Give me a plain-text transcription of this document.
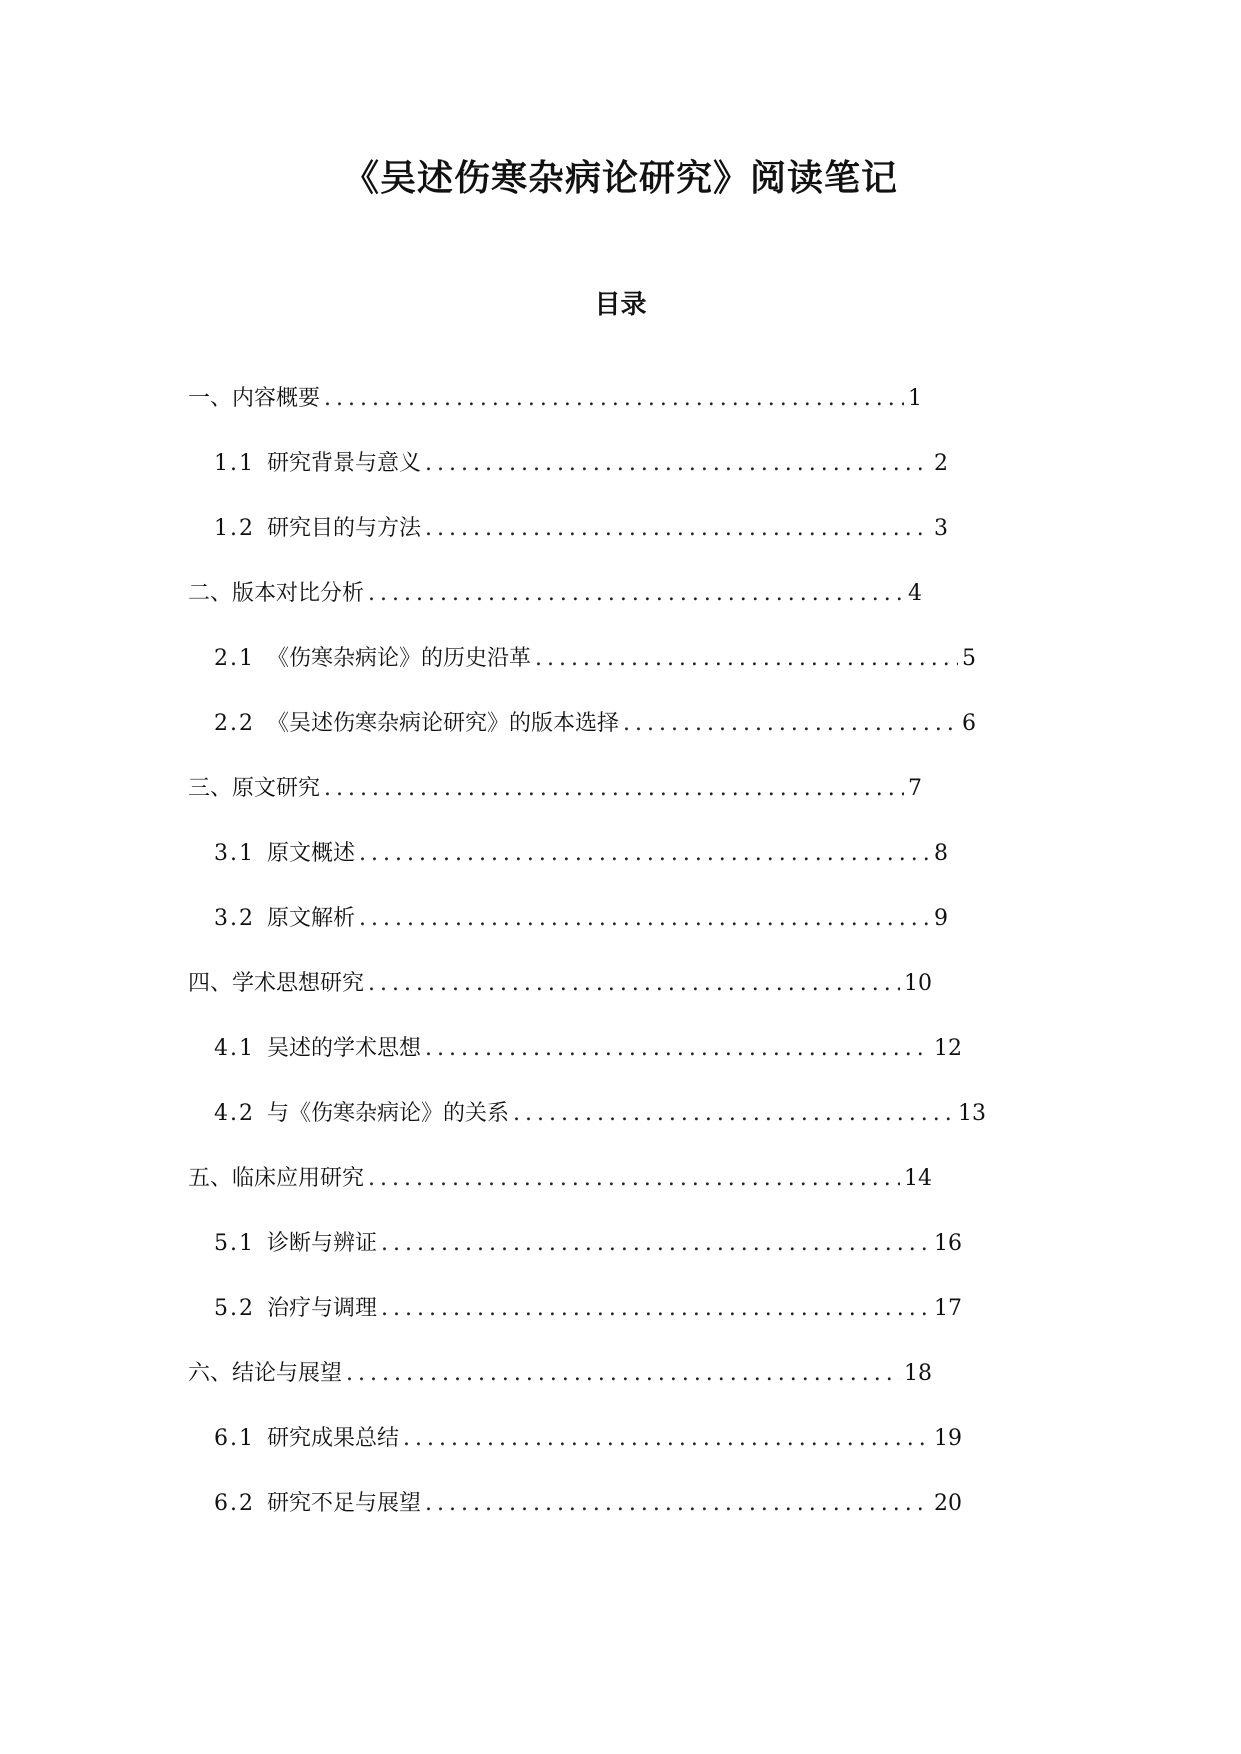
《吴述伤寒杂病论研究》阅读笔记
目录
一、内容概要 .....	1
1.1 研究背景与意义 .....	2
1.2 研究目的与方法 .....	3
二、版本对比分析 .....	4
2.1 《伤寒杂病论》的历史沿革 .....	5
2.2 《吴述伤寒杂病论研究》的版本选择 .....	6
三、原文研究 .....	7
3.1 原文概述 .....	8
3.2 原文解析 .....	9
四、学术思想研究 .....	10
4.1 吴述的学术思想 .....	12
4.2 与《伤寒杂病论》的关系 .....	13
五、临床应用研究 .....	14
5.1 诊断与辨证 .....	16
5.2 治疗与调理 .....	17
六、结论与展望 .....	18
6.1 研究成果总结 .....	19
6.2 研究不足与展望 .....	20
